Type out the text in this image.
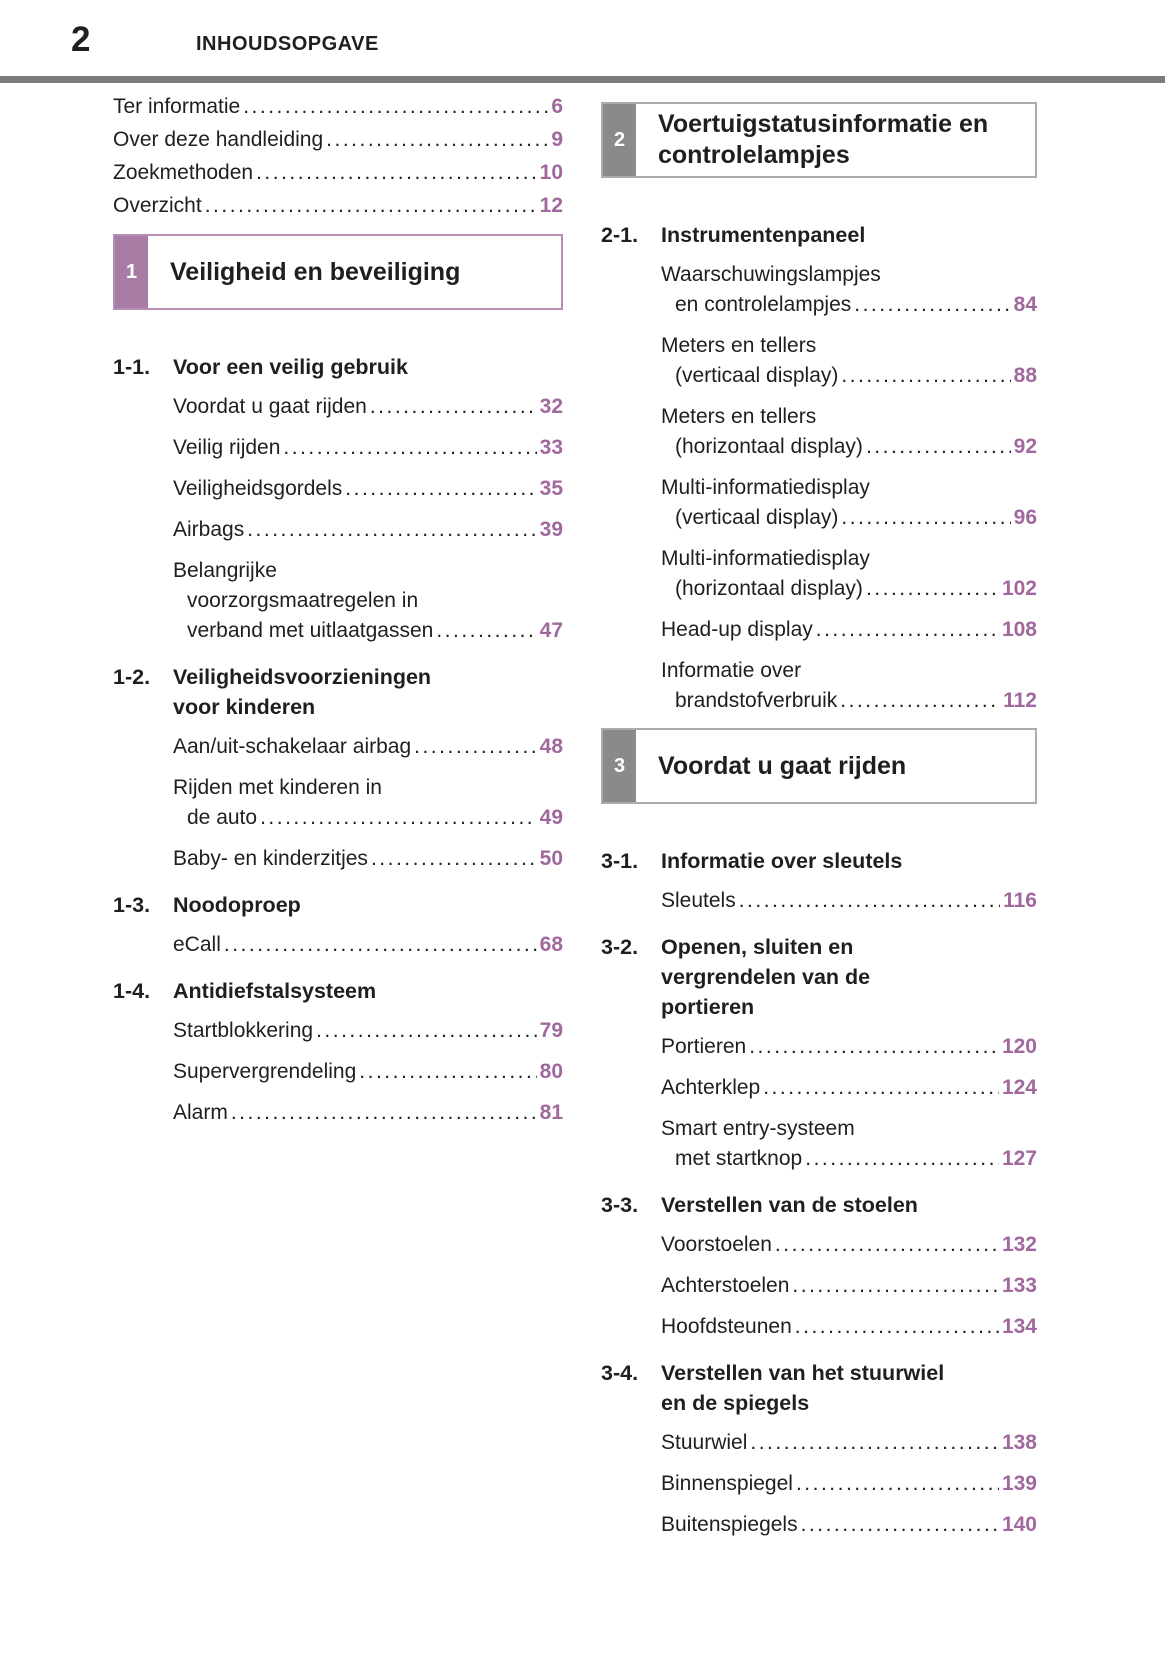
2	INHOUDSOPGAVE
Ter informatie .....	6
Over deze handleiding .....	9
Zoekmethoden .....	10
Overzicht .....	12
1	Veiligheid en beveiliging
1-1.	Voor een veilig gebruik
Voordat u gaat rijden .....	32
Veilig rijden .....	33
Veiligheidsgordels .....	35
Airbags .....	39
Belangrijke
voorzorgsmaatregelen in
verband met uitlaatgassen .....	47
1-2.	Veiligheidsvoorzieningen
voor kinderen
Aan/uit-schakelaar airbag .....	48
Rijden met kinderen in
de auto .....	49
Baby- en kinderzitjes .....	50
1-3.	Noodoproep
eCall .....	68
1-4.	Antidiefstalsysteem
Startblokkering .....	79
Supervergrendeling .....	80
Alarm .....	81
2
Voertuigstatusinformatie en
controlelampjes
2-1.	Instrumentenpaneel
Waarschuwingslampjes
en controlelampjes .....	84
Meters en tellers
(verticaal display) .....	88
Meters en tellers
(horizontaal display) .....	92
Multi-informatiedisplay
(verticaal display) .....	96
Multi-informatiedisplay
(horizontaal display) .....	102
Head-up display .....	108
Informatie over
brandstofverbruik .....	112
3	Voordat u gaat rijden
3-1.	Informatie over sleutels
Sleutels .....	116
3-2.	Openen, sluiten en
vergrendelen van de
portieren
Portieren .....	120
Achterklep .....	124
Smart entry-systeem
met startknop .....	127
3-3.	Verstellen van de stoelen
Voorstoelen .....	132
Achterstoelen .....	133
Hoofdsteunen .....	134
3-4.	Verstellen van het stuurwiel
en de spiegels
Stuurwiel .....	138
Binnenspiegel .....	139
Buitenspiegels .....	140
